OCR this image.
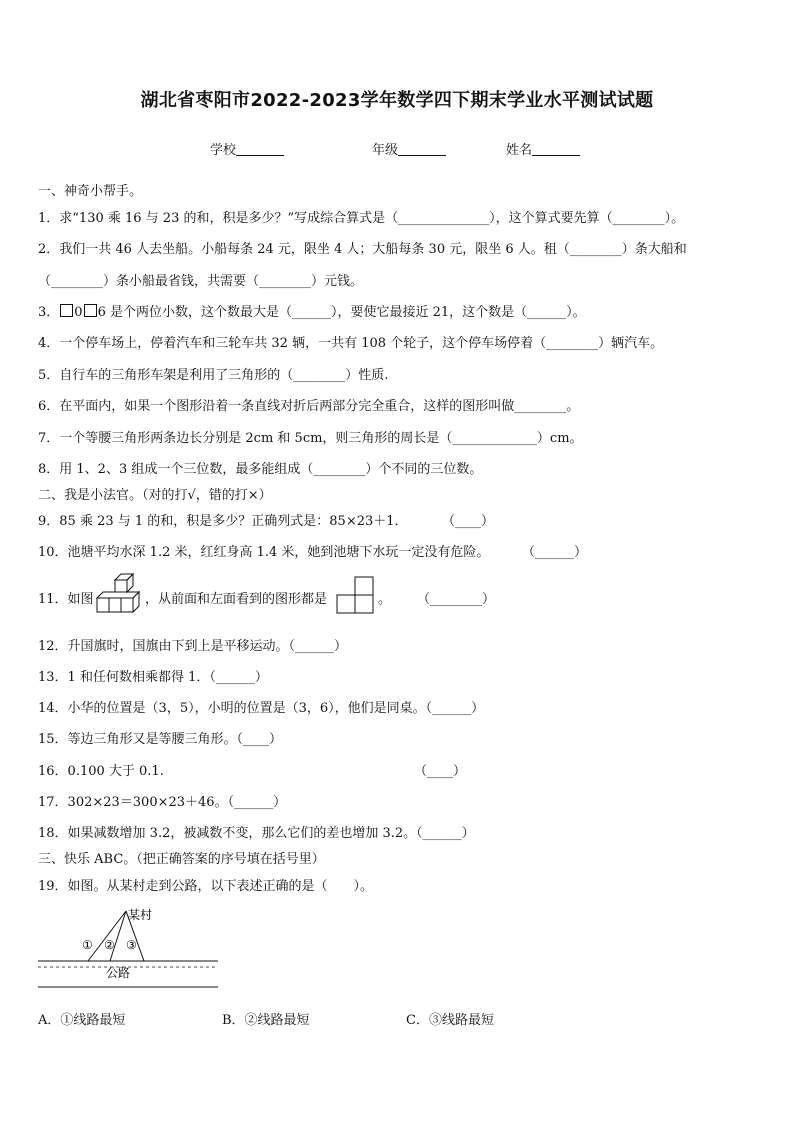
湖北省枣阳市2022-2023学年数学四下期末学业水平测试试题
学校	年级	姓名
一、神奇小帮手。
1．求“130 乘 16 与 23 的和，积是多少？”写成综合算式是（______________），这个算式要先算（________）。
2．我们一共 46 人去坐船。小船每条 24 元，限坐 4 人；大船每条 30 元，限坐 6 人。租（________）条大船和
（________）条小船最省钱，共需要（________）元钱。
3． 0 6 是个两位小数，这个数最大是（______），要使它最接近 21，这个数是（______）。
4．一个停车场上，停着汽车和三轮车共 32 辆，一共有 108 个轮子，这个停车场停着（________）辆汽车。
5．自行车的三角形车架是利用了三角形的（________）性质.
6．在平面内，如果一个图形沿着一条直线对折后两部分完全重合，这样的图形叫做________。
7．一个等腰三角形两条边长分别是 2cm 和 5cm，则三角形的周长是（_____________）cm。
8．用 1、2、3 组成一个三位数，最多能组成（________）个不同的三位数。
二、我是小法官。（对的打√，错的打×）
9．85 乘 23 与 1 的和，积是多少？正确列式是：85×23＋1．	（____）
10．池塘平均水深 1.2 米，红红身高 1.4 米，她到池塘下水玩一定没有危险。	（______）
11．如图	，从前面和左面看到的图形都是	。 （________）
12．升国旗时，国旗由下到上是平移运动。（______）
13．1 和任何数相乘都得 1．（______）
14．小华的位置是（3，5），小明的位置是（3，6），他们是同桌。（______）
15．等边三角形又是等腰三角形。（____）
16．0.100 大于 0.1.	（____）
17．302×23＝300×23＋46。（______）
18．如果减数增加 3.2，被减数不变，那么它们的差也增加 3.2。（______）
三、快乐 ABC。（把正确答案的序号填在括号里）
19．如图。从某村走到公路，以下表述正确的是（　　）。
某村
① ② ③
公路
A．①线路最短	B．②线路最短	C．③线路最短
